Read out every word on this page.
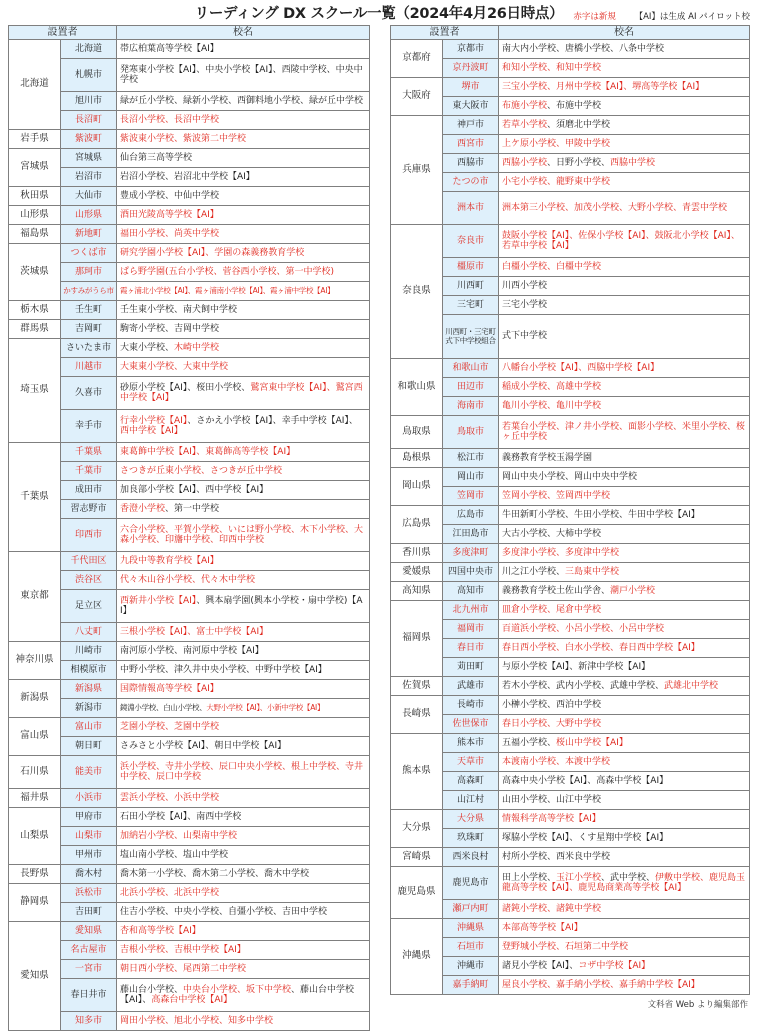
リーディング DX スクール一覧（2024年4月26日時点）	赤字は新規 【AI】は生成 AI パイロット校
設置者		校名
北海道	北海道	帯広柏葉高等学校【AI】
	札幌市	発寒東小学校【AI】、中央小学校【AI】、西陵中学校、中央中学校
	旭川市	緑が丘小学校、緑新小学校、西御料地小学校、緑が丘中学校
	長沼町	長沼小学校、長沼中学校
岩手県	紫波町	紫波東小学校、紫波第二中学校
宮城県	宮城県	仙台第三高等学校
	岩沼市	岩沼小学校、岩沼北中学校【AI】
秋田県	大仙市	豊成小学校、中仙中学校
山形県	山形県	酒田光陵高等学校【AI】
福島県	新地町	福田小学校、尚英中学校
茨城県	つくば市	研究学園小学校【AI】、学園の森義務教育学校
	那珂市	ぱら野学園(五台小学校、菅谷西小学校、第一中学校)
	かすみがうら市	霞ヶ浦北小学校【AI】、霞ヶ浦南小学校【AI】、霞ヶ浦中学校【AI】
栃木県	壬生町	壬生東小学校、南犬飼中学校
群馬県	吉岡町	駒寄小学校、吉岡中学校
埼玉県	さいたま市	大東小学校、木崎中学校
	川越市	大東東小学校、大東中学校
	久喜市	砂原小学校【AI】、桜田小学校、鷲宮東中学校【AI】、鷲宮西中学校【AI】
	幸手市	行幸小学校【AI】、さかえ小学校【AI】、幸手中学校【AI】、西中学校【AI】
千葉県	千葉県	東葛飾中学校【AI】、東葛飾高等学校【AI】
	千葉市	さつきが丘東小学校、さつきが丘中学校
	成田市	加良部小学校【AI】、西中学校【AI】
	習志野市	香澄小学校、第一中学校
	印西市	六合小学校、平賀小学校、いには野小学校、木下小学校、大森小学校、印旛中学校、印西中学校
東京都	千代田区	九段中等教育学校【AI】
	渋谷区	代々木山谷小学校、代々木中学校
	足立区	西新井小学校【AI】、興本扇学園(興本小学校・扇中学校)【AI】
	八丈町	三根小学校【AI】、富士中学校【AI】
神奈川県	川崎市	南河原小学校、南河原中学校【AI】
	相模原市	中野小学校、津久井中央小学校、中野中学校【AI】
新潟県	新潟県	国際情報高等学校【AI】
	新潟市	鏡淵小学校、白山小学校、大野小学校【AI】、小新中学校【AI】
富山県	富山市	芝園小学校、芝園中学校
	朝日町	さみさと小学校【AI】、朝日中学校【AI】
石川県	能美市	浜小学校、寺井小学校、辰口中央小学校、根上中学校、寺井中学校、辰口中学校
福井県	小浜市	雲浜小学校、小浜中学校
山梨県	甲府市	石田小学校【AI】、南西中学校
	山梨市	加納岩小学校、山梨南中学校
	甲州市	塩山南小学校、塩山中学校
長野県	喬木村	喬木第一小学校、喬木第二小学校、喬木中学校
静岡県	浜松市	北浜小学校、北浜中学校
	吉田町	住吉小学校、中央小学校、自彊小学校、吉田中学校
愛知県	愛知県	杏和高等学校【AI】
	名古屋市	吉根小学校、吉根中学校【AI】
	一宮市	朝日西小学校、尾西第二中学校
	春日井市	藤山台小学校、中央台小学校、坂下中学校、藤山台中学校【AI】、高森台中学校【AI】
	知多市	岡田小学校、旭北小学校、知多中学校
設置者		校名
京都府	京都市	南大内小学校、唐橋小学校、八条中学校
	京丹波町	和知小学校、和知中学校
大阪府	堺市	三宝小学校、月州中学校【AI】、堺高等学校【AI】
	東大阪市	布施小学校、布施中学校
兵庫県	神戸市	若草小学校、須磨北中学校
	西宮市	上ケ原小学校、甲陵中学校
	西脇市	西脇小学校、日野小学校、西脇中学校
	たつの市	小宅小学校、龍野東中学校
	洲本市	洲本第三小学校、加茂小学校、大野小学校、青雲中学校
奈良県	奈良市	鼓阪小学校【AI】、佐保小学校【AI】、鼓阪北小学校【AI】、若草中学校【AI】
	橿原市	白橿小学校、白橿中学校
	川西町	川西小学校
	三宅町	三宅小学校
	川西町・三宅町式下中学校組合	式下中学校
和歌山県	和歌山市	八幡台小学校【AI】、西脇中学校【AI】
	田辺市	稲成小学校、高雄中学校
	海南市	亀川小学校、亀川中学校
鳥取県	鳥取市	若葉台小学校、津ノ井小学校、面影小学校、米里小学校、桜ヶ丘中学校
島根県	松江市	義務教育学校玉湯学園
岡山県	岡山市	岡山中央小学校、岡山中央中学校
	笠岡市	笠岡小学校、笠岡西中学校
広島県	広島市	牛田新町小学校、牛田小学校、牛田中学校【AI】
	江田島市	大古小学校、大柿中学校
香川県	多度津町	多度津小学校、多度津中学校
愛媛県	四国中央市	川之江小学校、三島東中学校
高知県	高知市	義務教育学校土佐山学舎、潮戸小学校
福岡県	北九州市	皿倉小学校、尾倉中学校
	福岡市	百道浜小学校、小呂小学校、小呂中学校
	春日市	春日西小学校、白水小学校、春日西中学校【AI】
	苅田町	与原小学校【AI】、新津中学校【AI】
佐賀県	武雄市	若木小学校、武内小学校、武雄中学校、武雄北中学校
長崎県	長崎市	小榊小学校、西泊中学校
	佐世保市	春日小学校、大野中学校
熊本県	熊本市	五福小学校、桜山中学校【AI】
	天草市	本渡南小学校、本渡中学校
	高森町	高森中央小学校【AI】、高森中学校【AI】
	山江村	山田小学校、山江中学校
大分県	大分県	情報科学高等学校【AI】
	玖珠町	塚脇小学校【AI】、くす星翔中学校【AI】
宮崎県	西米良村	村所小学校、西米良中学校
鹿児島県	鹿児島市	田上小学校、玉江小学校、武中学校、伊敷中学校、鹿児島玉龍高等学校【AI】、鹿児島商業高等学校【AI】
	瀬戸内町	諸鈍小学校、諸鈍中学校
沖縄県	沖縄県	本部高等学校【AI】
	石垣市	登野城小学校、石垣第二中学校
	沖縄市	諸見小学校【AI】、コザ中学校【AI】
	嘉手納町	屋良小学校、嘉手納小学校、嘉手納中学校【AI】
文科省 Web より編集部作
